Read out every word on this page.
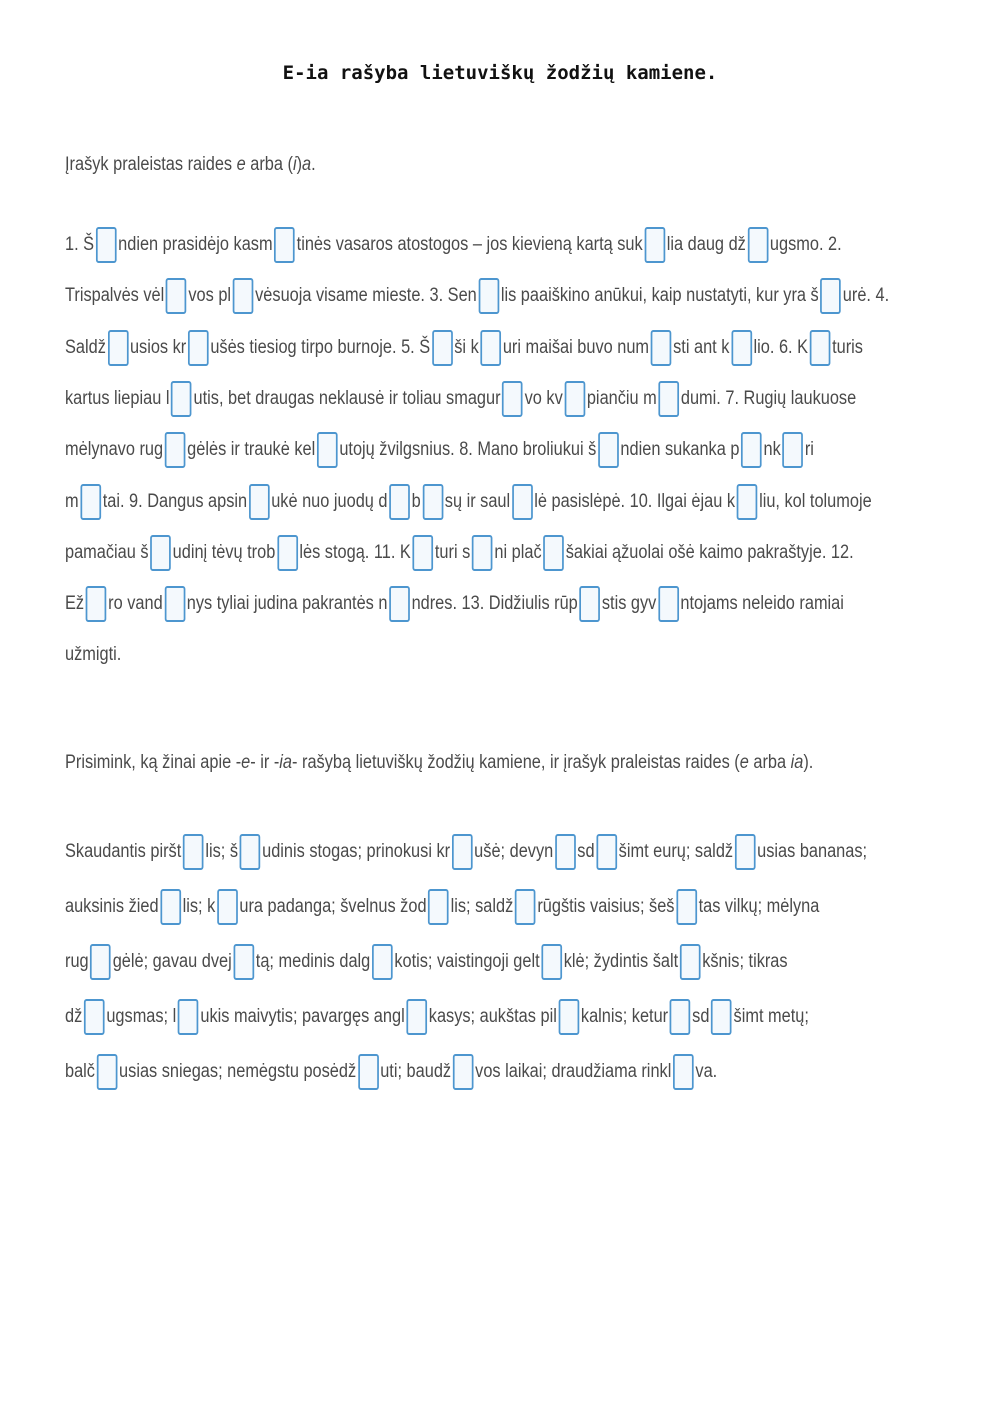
E-ia rašyba lietuviškų žodžių kamiene.
Įrašyk praleistas raides e arba (i)a.
1. Š ndien prasidėjo kasm tinės vasaros atostogos – jos kievieną kartą suk lia daug dž ugsmo. 2.
Trispalvės vėl vos pl vėsuoja visame mieste. 3. Sen lis paaiškino anūkui, kaip nustatyti, kur yra š urė. 4.
Saldž usios kr ušės tiesiog tirpo burnoje. 5. Š ši k uri maišai buvo num sti ant k lio. 6. K turis
kartus liepiau l utis, bet draugas neklausė ir toliau smagur vo kv piančiu m dumi. 7. Rugių laukuose
mėlynavo rug gėlės ir traukė kel utojų žvilgsnius. 8. Mano broliukui š ndien sukanka p nk ri
m tai. 9. Dangus apsin ukė nuo juodų d b sų ir saul lė pasislėpė. 10. Ilgai ėjau k liu, kol tolumoje
pamačiau š udinį tėvų trob lės stogą. 11. K turi s ni plač šakiai ąžuolai ošė kaimo pakraštyje. 12.
Ež ro vand nys tyliai judina pakrantės n ndres. 13. Didžiulis rūp stis gyv ntojams neleido ramiai
užmigti.
Prisimink, ką žinai apie -e- ir -ia- rašybą lietuviškų žodžių kamiene, ir įrašyk praleistas raides (e arba ia).
Skaudantis piršt lis; š udinis stogas; prinokusi kr ušė; devyn sd šimt eurų; saldž usias bananas;
auksinis žied lis; k ura padanga; švelnus žod lis; saldž rūgštis vaisius; šeš tas vilkų; mėlyna
rug gėlė; gavau dvej tą; medinis dalg kotis; vaistingoji gelt klė; žydintis šalt kšnis; tikras
dž ugsmas; l ukis maivytis; pavargęs angl kasys; aukštas pil kalnis; ketur sd šimt metų;
balč usias sniegas; nemėgstu posėdž uti; baudž vos laikai; draudžiama rinkl va.
